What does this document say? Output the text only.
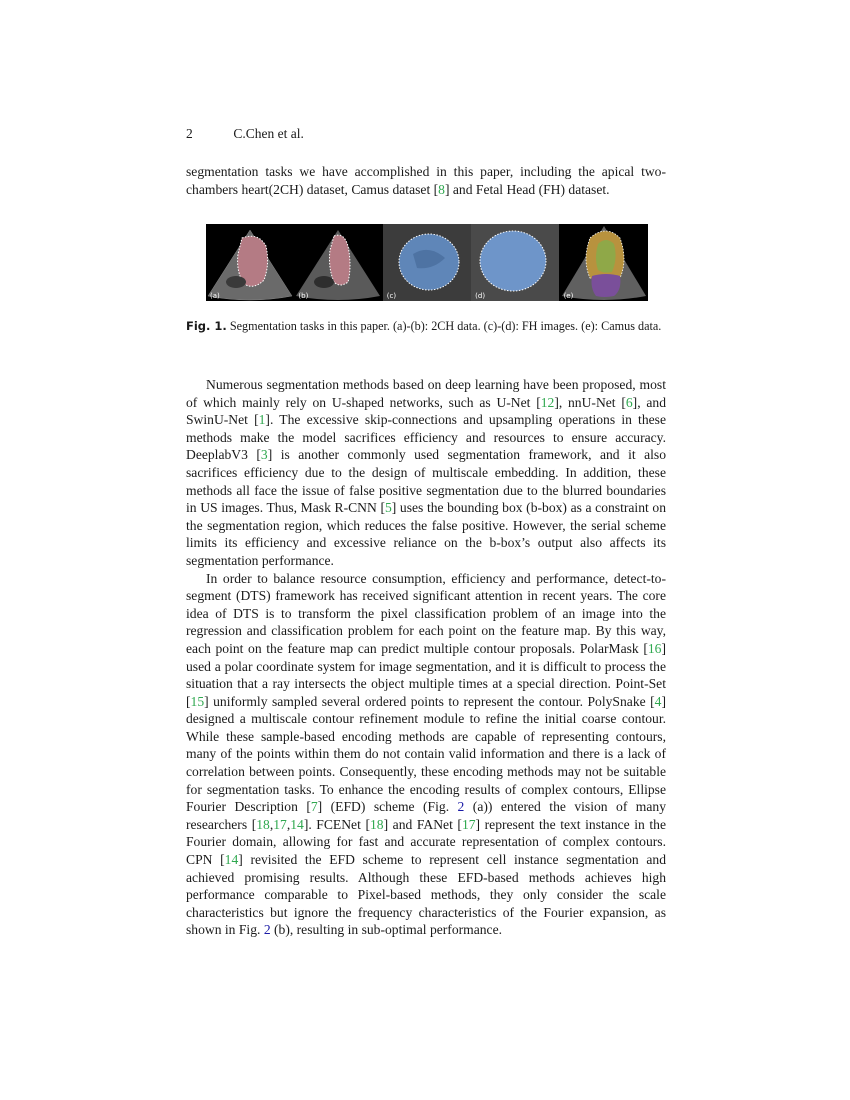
2	C.Chen et al.
segmentation tasks we have accomplished in this paper, including the apical two-chambers heart(2CH) dataset, Camus dataset [8] and Fetal Head (FH) dataset.
(a)	(b)	(c)	(d)	(e)
Fig. 1. Segmentation tasks in this paper. (a)-(b): 2CH data. (c)-(d): FH images. (e): Camus data.

Numerous segmentation methods based on deep learning have been proposed, most of which mainly rely on U-shaped networks, such as U-Net [12], nnU-Net [6], and SwinU-Net [1]. The excessive skip-connections and upsampling operations in these methods make the model sacrifices efficiency and resources to ensure accuracy. DeeplabV3 [3] is another commonly used segmentation framework, and it also sacrifices efficiency due to the design of multiscale embedding. In addition, these methods all face the issue of false positive segmentation due to the blurred boundaries in US images. Thus, Mask R-CNN [5] uses the bounding box (b-box) as a constraint on the segmentation region, which reduces the false positive. However, the serial scheme limits its efficiency and excessive reliance on the b-box’s output also affects its segmentation performance.

In order to balance resource consumption, efficiency and performance, detect-to-segment (DTS) framework has received significant attention in recent years. The core idea of DTS is to transform the pixel classification problem of an image into the regression and classification problem for each point on the feature map. By this way, each point on the feature map can predict multiple contour proposals. PolarMask [16] used a polar coordinate system for image segmentation, and it is difficult to process the situation that a ray intersects the object multiple times at a special direction. Point-Set [15] uniformly sampled several ordered points to represent the contour. PolySnake [4] designed a multiscale contour refinement module to refine the initial coarse contour. While these sample-based encoding methods are capable of representing contours, many of the points within them do not contain valid information and there is a lack of correlation between points. Consequently, these encoding methods may not be suitable for segmentation tasks. To enhance the encoding results of complex contours, Ellipse Fourier Description [7] (EFD) scheme (Fig. 2 (a)) entered the vision of many researchers [18,17,14]. FCENet [18] and FANet [17] represent the text instance in the Fourier domain, allowing for fast and accurate representation of complex contours. CPN [14] revisited the EFD scheme to represent cell instance segmentation and achieved promising results. Although these EFD-based methods achieves high performance comparable to Pixel-based methods, they only consider the scale characteristics but ignore the frequency characteristics of the Fourier expansion, as shown in Fig. 2 (b), resulting in sub-optimal performance.
